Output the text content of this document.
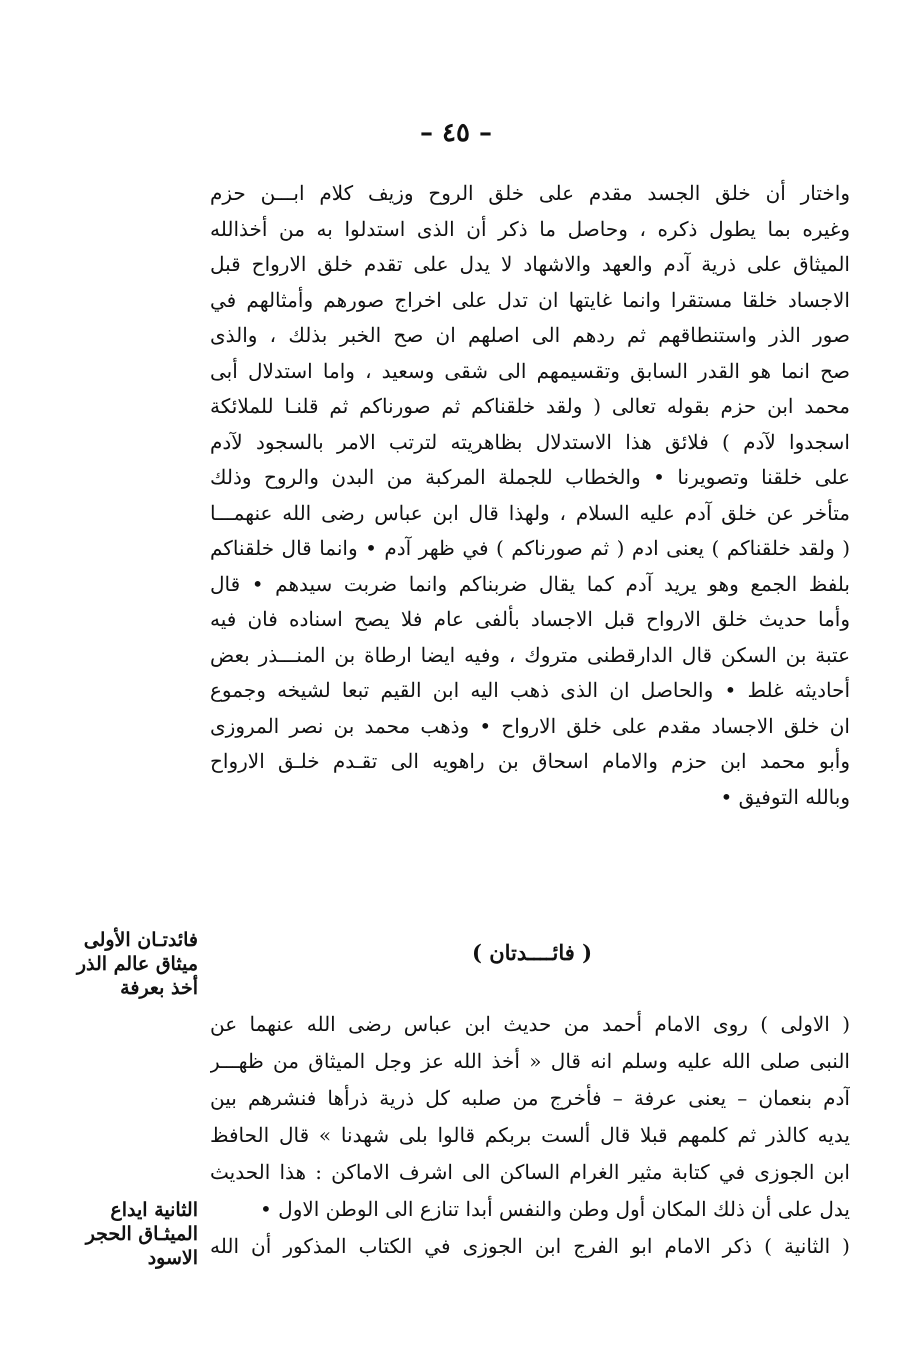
– ٤٥ –
واختار أن خلق الجسد مقدم على خلق الروح وزيف كلام ابـــن حزم
وغيره بما يطول ذكره ، وحاصل ما ذكر أن الذى استدلوا به من أخذالله
الميثاق على ذرية آدم والعهد والاشهاد لا يدل على تقدم خلق الارواح قبل
الاجساد خلقا مستقرا وانما غايتها ان تدل على اخراج صورهم وأمثالهم في
صور الذر واستنطاقهم ثم ردهم الى اصلهم ان صح الخبر بذلك ، والذى
صح انما هو القدر السابق وتقسيمهم الى شقى وسعيد ، واما استدلال أبى
محمد ابن حزم بقوله تعالى ( ولقد خلقناكم ثم صورناكم ثم قلنـا للملائكة
اسجدوا لآدم ) فلائق هذا الاستدلال بظاهريته لترتب الامر بالسجود لآدم
على خلقنا وتصويرنا • والخطاب للجملة المركبة من البدن والروح وذلك
متأخر عن خلق آدم عليه السلام ، ولهذا قال ابن عباس رضى الله عنهمـــا
( ولقد خلقناكم ) يعنى ادم ( ثم صورناكم ) في ظهر آدم • وانما قال خلقناكم
بلفظ الجمع وهو يريد آدم كما يقال ضربناكم وانما ضربت سيدهم • قال
وأما حديث خلق الارواح قبل الاجساد بألفى عام فلا يصح اسناده فان فيه
عتبة بن السكن قال الدارقطنى متروك ، وفيه ايضا ارطاة بن المنـــذر بعض
أحاديثه غلط • والحاصل ان الذى ذهب اليه ابن القيم تبعا لشيخه وجموع
ان خلق الاجساد مقدم على خلق الارواح • وذهب محمد بن نصر المروزى
وأبو محمد ابن حزم والامام اسحاق بن راهويه الى تقـدم خلـق الارواح
وبالله التوفيق •
فائدتـان الأولى
ميثاق عالم الذر
أخذ بعرفة
( فائــــدتان )
( الاولى ) روى الامام أحمد من حديث ابن عباس رضى الله عنهما عن
النبى صلى الله عليه وسلم انه قال « أخذ الله عز وجل الميثاق من ظهـــر
آدم بنعمان – يعنى عرفة – فأخرج من صلبه كل ذرية ذرأها فنشرهم بين
يديه كالذر ثم كلمهم قبلا قال ألست بربكم قالوا بلى شهدنا » قال الحافظ
ابن الجوزى في كتابة مثير الغرام الساكن الى اشرف الاماكن : هذا الحديث
يدل على أن ذلك المكان أول وطن والنفس أبدا تنازع الى الوطن الاول •
( الثانية ) ذكر الامام ابو الفرج ابن الجوزى في الكتاب المذكور أن الله
الثانية ايداع
الميثـاق الحجر
الاسود
